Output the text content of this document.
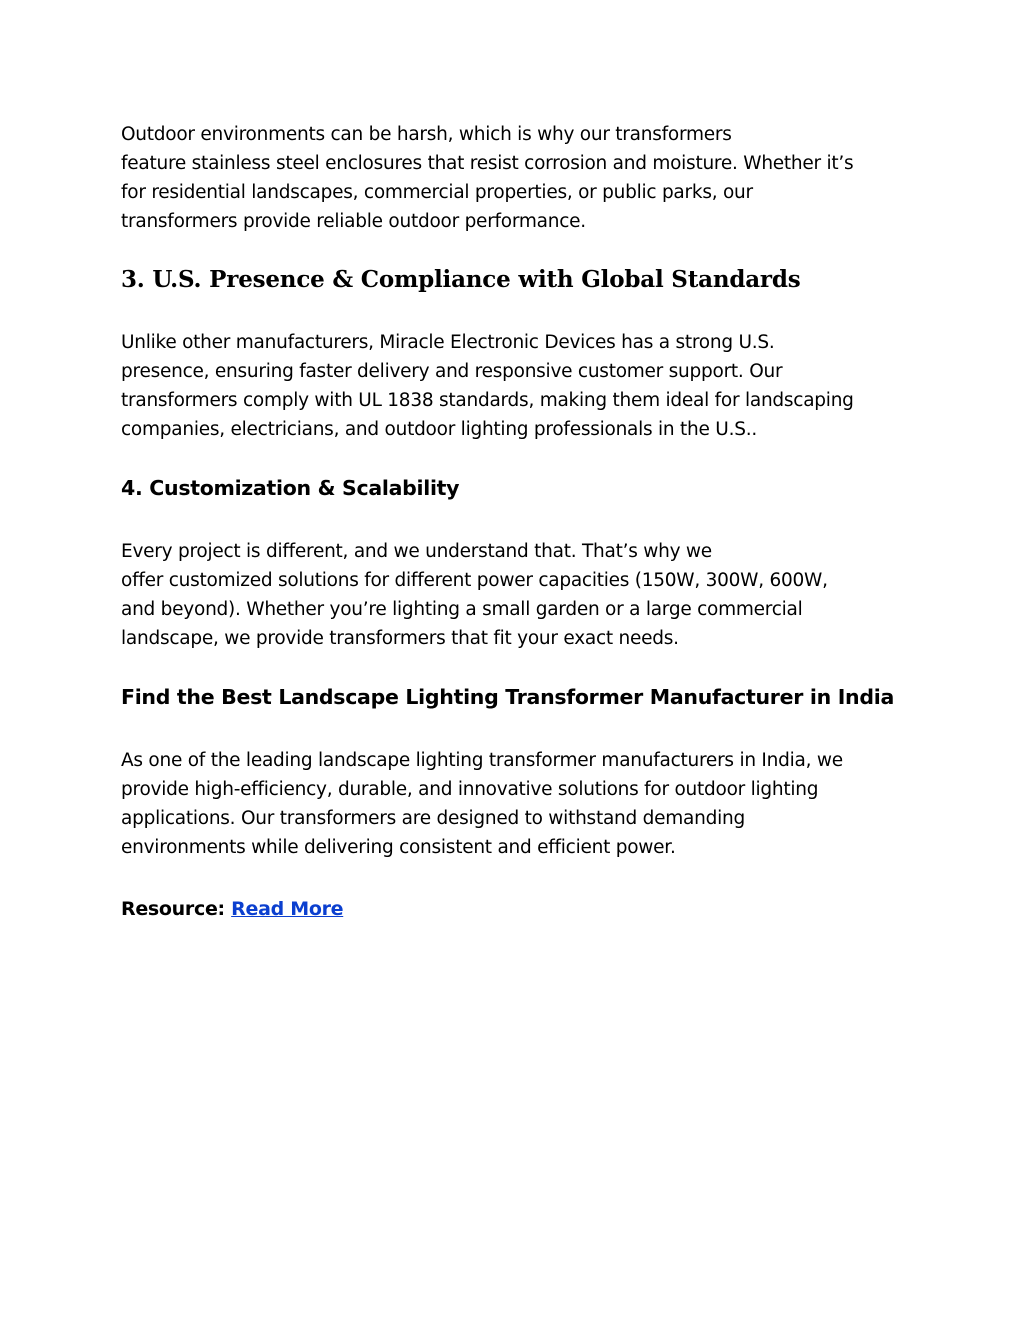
Outdoor environments can be harsh, which is why our transformers
feature stainless steel enclosures that resist corrosion and moisture. Whether it’s
for residential landscapes, commercial properties, or public parks, our
transformers provide reliable outdoor performance.

3. U.S. Presence & Compliance with Global Standards

Unlike other manufacturers, Miracle Electronic Devices has a strong U.S.
presence, ensuring faster delivery and responsive customer support. Our
transformers comply with UL 1838 standards, making them ideal for landscaping
companies, electricians, and outdoor lighting professionals in the U.S..

4. Customization & Scalability

Every project is different, and we understand that. That’s why we
offer customized solutions for different power capacities (150W, 300W, 600W,
and beyond). Whether you’re lighting a small garden or a large commercial
landscape, we provide transformers that fit your exact needs.

Find the Best Landscape Lighting Transformer Manufacturer in India

As one of the leading landscape lighting transformer manufacturers in India, we
provide high-efficiency, durable, and innovative solutions for outdoor lighting
applications. Our transformers are designed to withstand demanding
environments while delivering consistent and efficient power.

Resource: Read More
